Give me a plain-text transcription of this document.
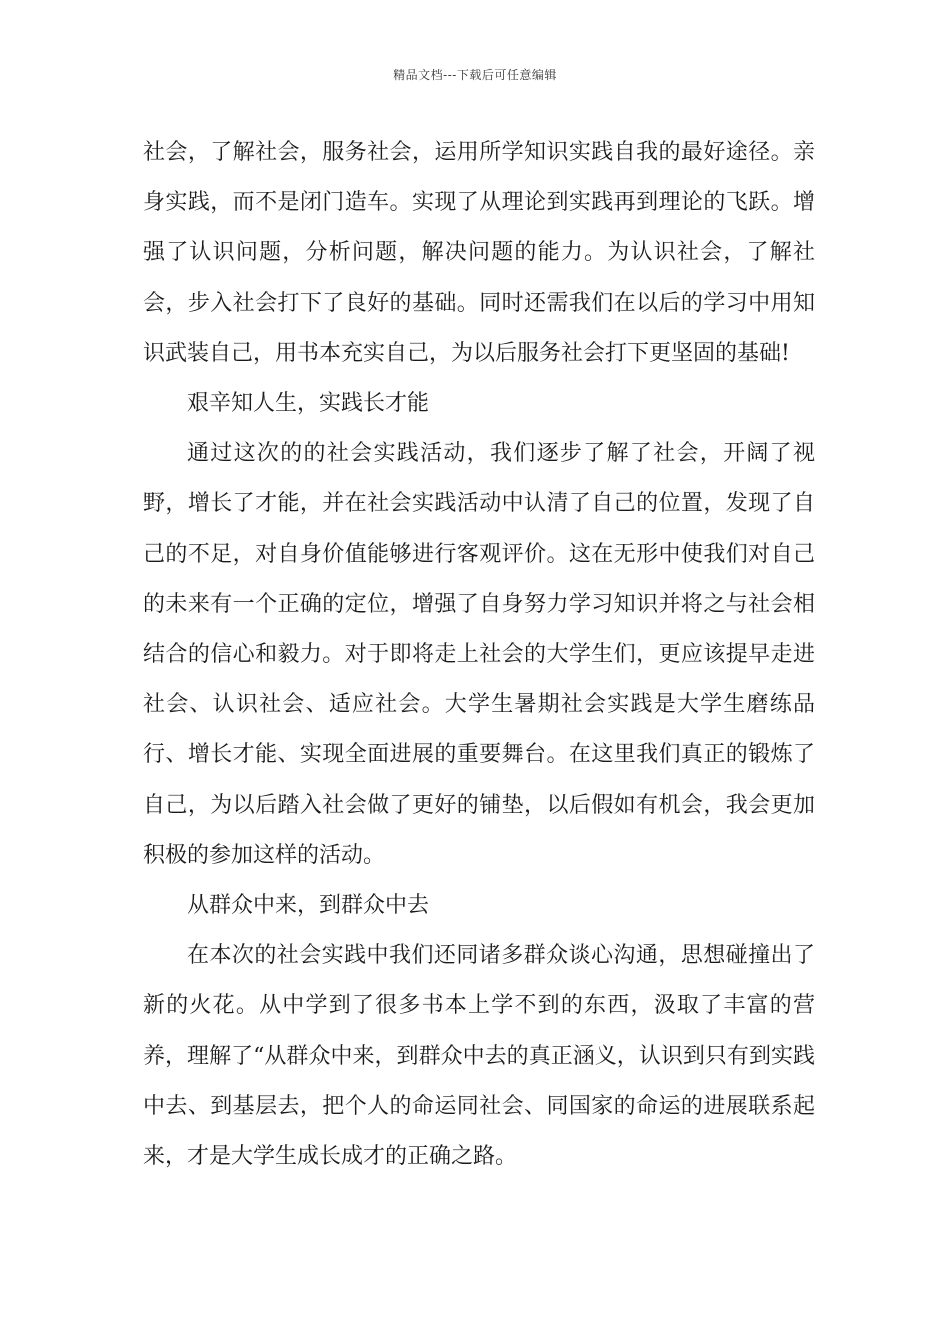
精品文档---下载后可任意编辑

社会，了解社会，服务社会，运用所学知识实践自我的最好途径。亲身实践，而不是闭门造车。实现了从理论到实践再到理论的飞跃。增强了认识问题，分析问题，解决问题的能力。为认识社会，了解社会，步入社会打下了良好的基础。同时还需我们在以后的学习中用知识武装自己，用书本充实自己，为以后服务社会打下更坚固的基础!

艰辛知人生，实践长才能

通过这次的的社会实践活动，我们逐步了解了社会，开阔了视野，增长了才能，并在社会实践活动中认清了自己的位置，发现了自己的不足，对自身价值能够进行客观评价。这在无形中使我们对自己的未来有一个正确的定位，增强了自身努力学习知识并将之与社会相结合的信心和毅力。对于即将走上社会的大学生们，更应该提早走进社会、认识社会、适应社会。大学生暑期社会实践是大学生磨练品行、增长才能、实现全面进展的重要舞台。在这里我们真正的锻炼了自己，为以后踏入社会做了更好的铺垫，以后假如有机会，我会更加积极的参加这样的活动。

从群众中来，到群众中去

在本次的社会实践中我们还同诸多群众谈心沟通，思想碰撞出了新的火花。从中学到了很多书本上学不到的东西，汲取了丰富的营养，理解了“从群众中来，到群众中去的真正涵义，认识到只有到实践中去、到基层去，把个人的命运同社会、同国家的命运的进展联系起来，才是大学生成长成才的正确之路。
